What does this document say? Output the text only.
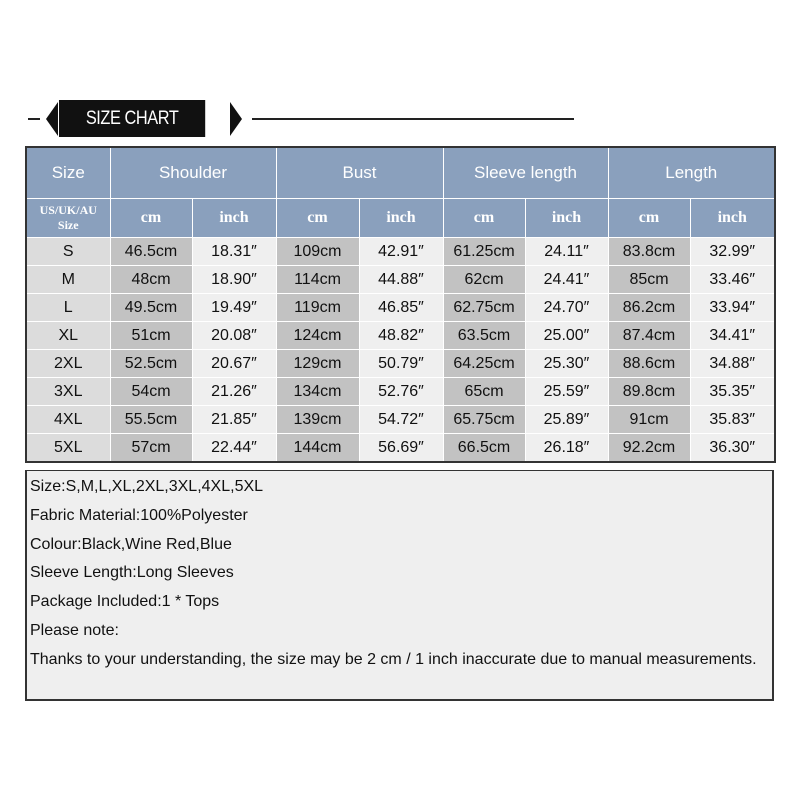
SIZE CHART
Size	Shoulder		Bust		Sleeve length		Length	

US/UK/AU
Size	cm	inch	cm	inch	cm	inch	cm	inch
S	46.5cm	18.31″	109cm	42.91″	61.25cm	24.11″	83.8cm	32.99″
M	48cm	18.90″	114cm	44.88″	62cm	24.41″	85cm	33.46″
L	49.5cm	19.49″	119cm	46.85″	62.75cm	24.70″	86.2cm	33.94″
XL	51cm	20.08″	124cm	48.82″	63.5cm	25.00″	87.4cm	34.41″
2XL	52.5cm	20.67″	129cm	50.79″	64.25cm	25.30″	88.6cm	34.88″
3XL	54cm	21.26″	134cm	52.76″	65cm	25.59″	89.8cm	35.35″
4XL	55.5cm	21.85″	139cm	54.72″	65.75cm	25.89″	91cm	35.83″
5XL	57cm	22.44″	144cm	56.69″	66.5cm	26.18″	92.2cm	36.30″
Size:S,M,L,XL,2XL,3XL,4XL,5XL
Fabric Material:100%Polyester
Colour:Black,Wine Red,Blue
Sleeve Length:Long Sleeves
Package Included:1 * Tops
Please note:
Thanks to your understanding, the size may be 2 cm / 1 inch inaccurate due to manual measurements.
